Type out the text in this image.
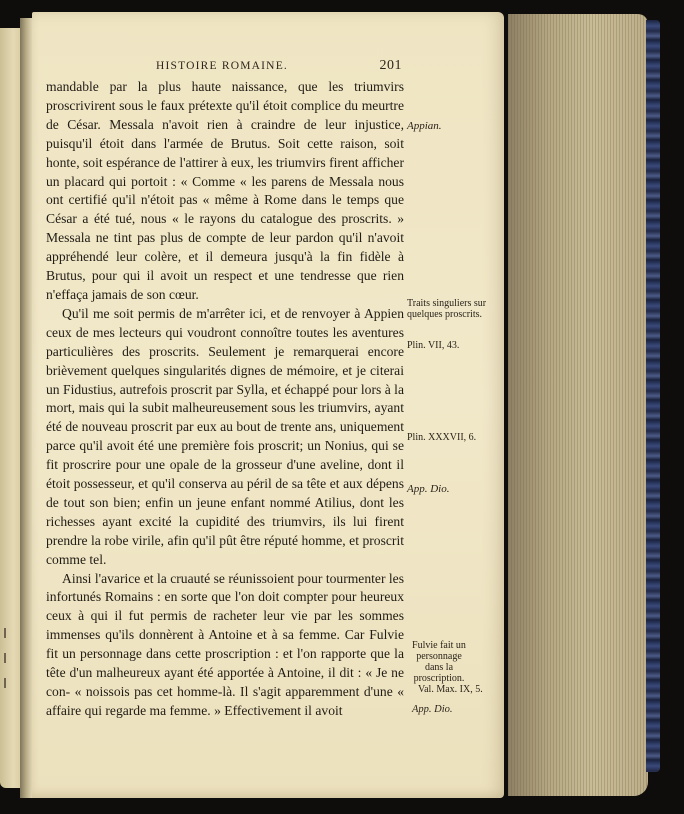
HISTOIRE ROMAINE.	201

mandable par la plus haute naissance, que les triumvirs proscrivirent sous le faux prétexte qu'il étoit complice du meurtre de César. Messala n'avoit rien à craindre de leur injustice, puisqu'il étoit dans l'armée de Brutus. Soit cette raison, soit honte, soit espérance de l'attirer à eux, les triumvirs firent afficher un placard qui portoit : « Comme « les parens de Messala nous ont certifié qu'il n'étoit pas « même à Rome dans le temps que César a été tué, nous « le rayons du catalogue des proscrits. » Messala ne tint pas plus de compte de leur pardon qu'il n'avoit appréhendé leur colère, et il demeura jusqu'à la fin fidèle à Brutus, pour qui il avoit un respect et une tendresse que rien n'effaça jamais de son cœur.

Qu'il me soit permis de m'arrêter ici, et de renvoyer à Appien ceux de mes lecteurs qui voudront connoître toutes les aventures particulières des proscrits. Seulement je remarquerai encore brièvement quelques singularités dignes de mémoire, et je citerai un Fidustius, autrefois proscrit par Sylla, et échappé pour lors à la mort, mais qui la subit malheureusement sous les triumvirs, ayant été de nouveau proscrit par eux au bout de trente ans, uniquement parce qu'il avoit été une première fois proscrit; un Nonius, qui se fit proscrire pour une opale de la grosseur d'une aveline, dont il étoit possesseur, et qu'il conserva au péril de sa tête et aux dépens de tout son bien; enfin un jeune enfant nommé Atilius, dont les richesses ayant excité la cupidité des triumvirs, ils lui firent prendre la robe virile, afin qu'il pût être réputé homme, et proscrit comme tel.

Ainsi l'avarice et la cruauté se réunissoient pour tourmenter les infortunés Romains : en sorte que l'on doit compter pour heureux ceux à qui il fut permis de racheter leur vie par les sommes immenses qu'ils donnèrent à Antoine et à sa femme. Car Fulvie fit un personnage dans cette proscription : et l'on rapporte que la tête d'un malheureux ayant été apportée à Antoine, il dit : « Je ne con- « noissois pas cet homme-là. Il s'agit apparemment d'une « affaire qui regarde ma femme. » Effectivement il avoit

Appian.
Traits singuliers sur quelques proscrits.
Plin. VII, 43.
Plin. XXXVII, 6.
App. Dio.
Fulvie fait un personnage dans la proscription.
Val. Max. IX, 5.
App. Dio.
